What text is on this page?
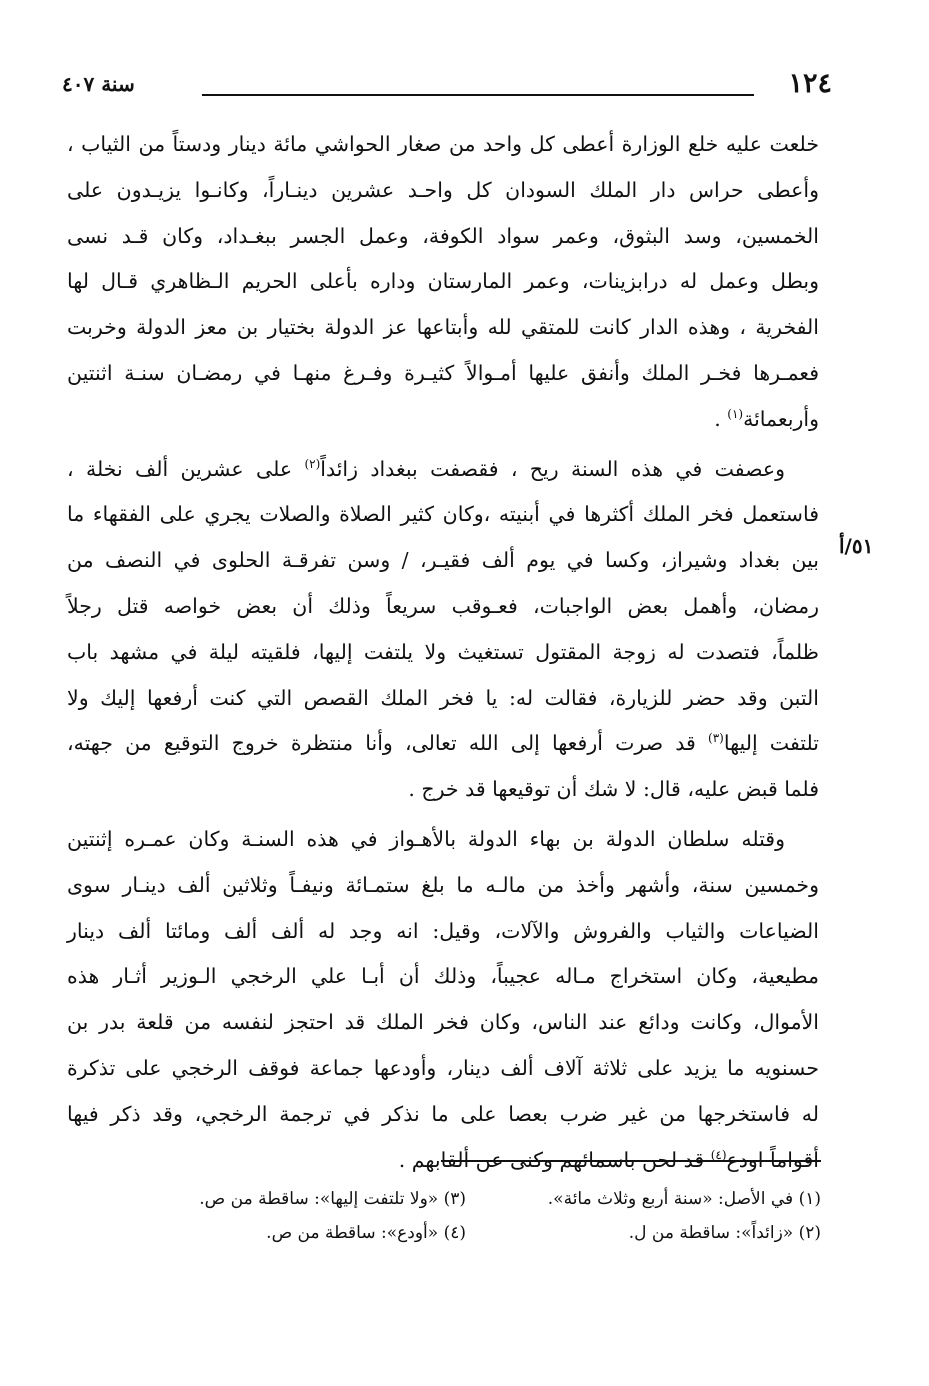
١٢٤
سنة ٤٠٧
٥١/أ
خلعت عليه خلع الوزارة أعطى كل واحد من صغار الحواشي مائة دينار ودستاً من الثياب ،
وأعطى حراس دار الملك السودان كل واحـد عشرين دينـاراً، وكانـوا يزيـدون على
الخمسين، وسد البثوق، وعمر سواد الكوفة، وعمل الجسر ببغـداد، وكان قـد نسى
وبطل وعمل له درابزينات، وعمر المارستان وداره بأعلى الحريم الـظاهري قـال لها
الفخرية ، وهذه الدار كانت للمتقي لله وأبتاعها عز الدولة بختيار بن معز الدولة وخربت
فعمـرها فخـر الملك وأنفق عليها أمـوالاً كثيـرة وفـرغ منهـا في رمضـان سنـة اثنتين
وأربعمائة$^{(١)}$ .
وعصفت في هذه السنة ريح ، فقصفت ببغداد زائداً$^{(٢)}$ على عشرين ألف نخلة ،
فاستعمل فخر الملك أكثرها في أبنيته ،وكان كثير الصلاة والصلات يجري على الفقهاء ما
بين بغداد وشيراز، وكسا في يوم ألف فقيـر، / وسن تفرقـة الحلوى في النصف من
رمضان، وأهمل بعض الواجبات، فعـوقب سريعاً وذلك أن بعض خواصه قتل رجلاً
ظلماً، فتصدت له زوجة المقتول تستغيث ولا يلتفت إليها، فلقيته ليلة في مشهد باب
التبن وقد حضر للزيارة، فقالت له: يا فخر الملك القصص التي كنت أرفعها إليك ولا
تلتفت إليها$^{(٣)}$ قد صرت أرفعها إلى الله تعالى، وأنا منتظرة خروج التوقيع من جهته،
فلما قبض عليه، قال: لا شك أن توقيعها قد خرج .
وقتله سلطان الدولة بن بهاء الدولة بالأهـواز في هذه السنـة وكان عمـره إثنتين
وخمسين سنة، وأشهر وأخذ من مالـه ما بلغ ستمـائة ونيفـاً وثلاثين ألف دينـار سوى
الضياعات والثياب والفروش والآلات، وقيل: انه وجد له ألف ألف ومائتا ألف دينار
مطيعية، وكان استخراج مـاله عجيباً، وذلك أن أبـا علي الرخجي الـوزير أثـار هذه
الأموال، وكانت ودائع عند الناس، وكان فخر الملك قد احتجز لنفسه من قلعة بدر بن
حسنويه ما يزيد على ثلاثة آلاف ألف دينار، وأودعها جماعة فوقف الرخجي على تذكرة
له فاستخرجها من غير ضرب بعصا على ما نذكر في ترجمة الرخجي، وقد ذكر فيها
أقواماً اودع$^{(٤)}$ قد لحن باسمائهم وكنى عن ألقابهم .
(١) في الأصل: «سنة أربع وثلاث مائة».
(٢) «زائداً»: ساقطة من ل.
(٣) «ولا تلتفت إليها»: ساقطة من ص.
(٤) «أودع»: ساقطة من ص.
